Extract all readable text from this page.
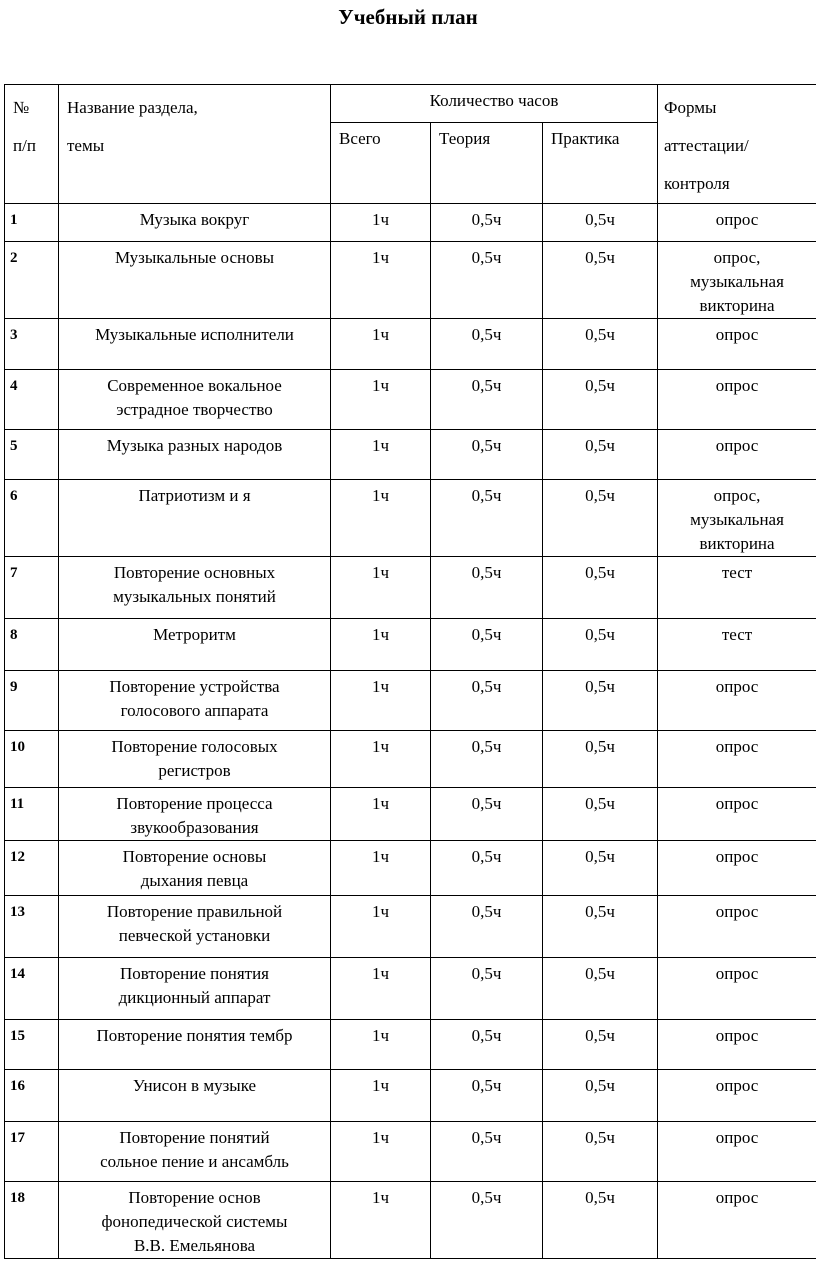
Учебный план
№
п/п	Название раздела,
темы	Количество часов			Формы
аттестации/
контроля
		Всего	Теория	Практика	
1	Музыка вокруг	1ч	0,5ч	0,5ч	опрос
2	Музыкальные основы	1ч	0,5ч	0,5ч	опрос,
музыкальная
викторина
3	Музыкальные исполнители	1ч	0,5ч	0,5ч	опрос
4	Современное вокальное
эстрадное творчество	1ч	0,5ч	0,5ч	опрос
5	Музыка разных народов	1ч	0,5ч	0,5ч	опрос
6	Патриотизм и я	1ч	0,5ч	0,5ч	опрос,
музыкальная
викторина
7	Повторение основных
музыкальных понятий	1ч	0,5ч	0,5ч	тест
8	Метроритм	1ч	0,5ч	0,5ч	тест
9	Повторение устройства
голосового аппарата	1ч	0,5ч	0,5ч	опрос
10	Повторение голосовых
регистров	1ч	0,5ч	0,5ч	опрос
11	Повторение процесса
звукообразования	1ч	0,5ч	0,5ч	опрос
12	Повторение основы
дыхания певца	1ч	0,5ч	0,5ч	опрос
13	Повторение правильной
певческой установки	1ч	0,5ч	0,5ч	опрос
14	Повторение понятия
дикционный аппарат	1ч	0,5ч	0,5ч	опрос
15	Повторение понятия тембр	1ч	0,5ч	0,5ч	опрос
16	Унисон в музыке	1ч	0,5ч	0,5ч	опрос
17	Повторение понятий
сольное пение и ансамбль	1ч	0,5ч	0,5ч	опрос
18	Повторение основ
фонопедической системы
В.В. Емельянова	1ч	0,5ч	0,5ч	опрос
